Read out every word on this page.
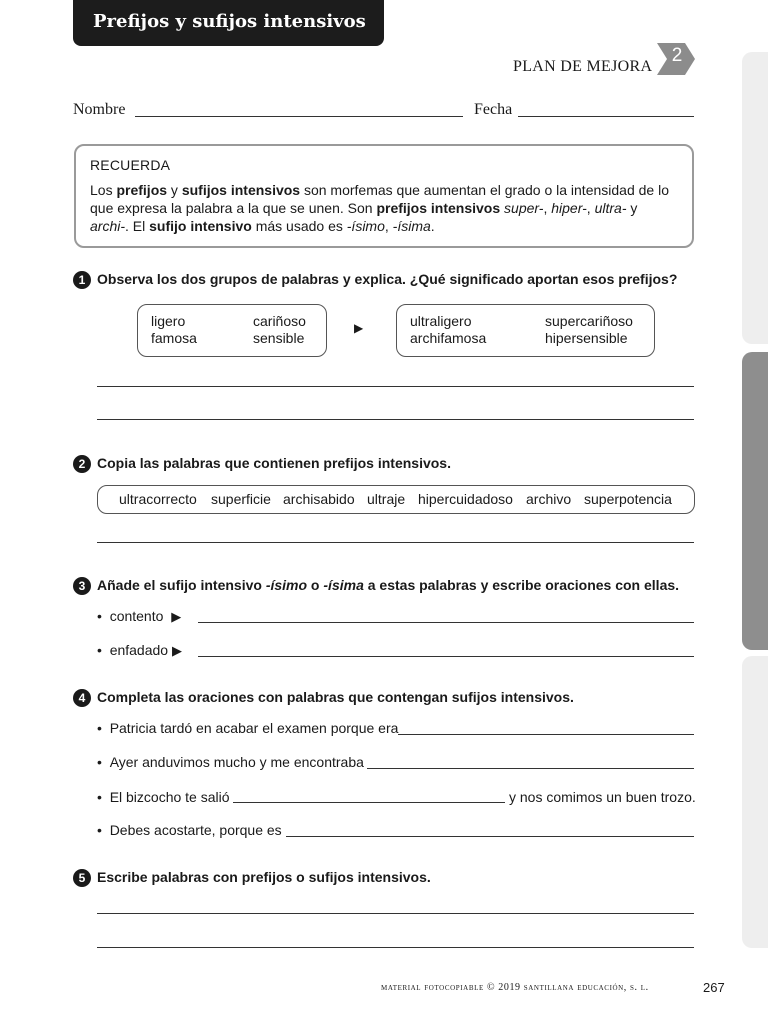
Prefijos y sufijos intensivos
PLAN DE MEJORA
2
Nombre	Fecha
RECUERDA
Los prefijos y sufijos intensivos son morfemas que aumentan el grado o la intensidad de lo que expresa la palabra a la que se unen. Son prefijos intensivos super-, hiper-, ultra- y archi-. El sufijo intensivo más usado es -ísimo, -ísima.
1 Observa los dos grupos de palabras y explica. ¿Qué significado aportan esos prefijos?
ligero	cariñoso
famosa	sensible
▶	ultraligero	supercariñoso
archifamosa	hipersensible
2 Copia las palabras que contienen prefijos intensivos.
ultracorrecto superficie archisabido ultraje hipercuidadoso archivo superpotencia
3 Añade el sufijo intensivo -ísimo o -ísima a estas palabras y escribe oraciones con ellas.
•  contento ▶
•  enfadado ▶
4 Completa las oraciones con palabras que contengan sufijos intensivos.
•  Patricia tardó en acabar el examen porque era
•  Ayer anduvimos mucho y me encontraba
•  El bizcocho te salió	y nos comimos un buen trozo.
•  Debes acostarte, porque es
5 Escribe palabras con prefijos o sufijos intensivos.
material fotocopiable © 2019 santillana educación, s. l.	267
